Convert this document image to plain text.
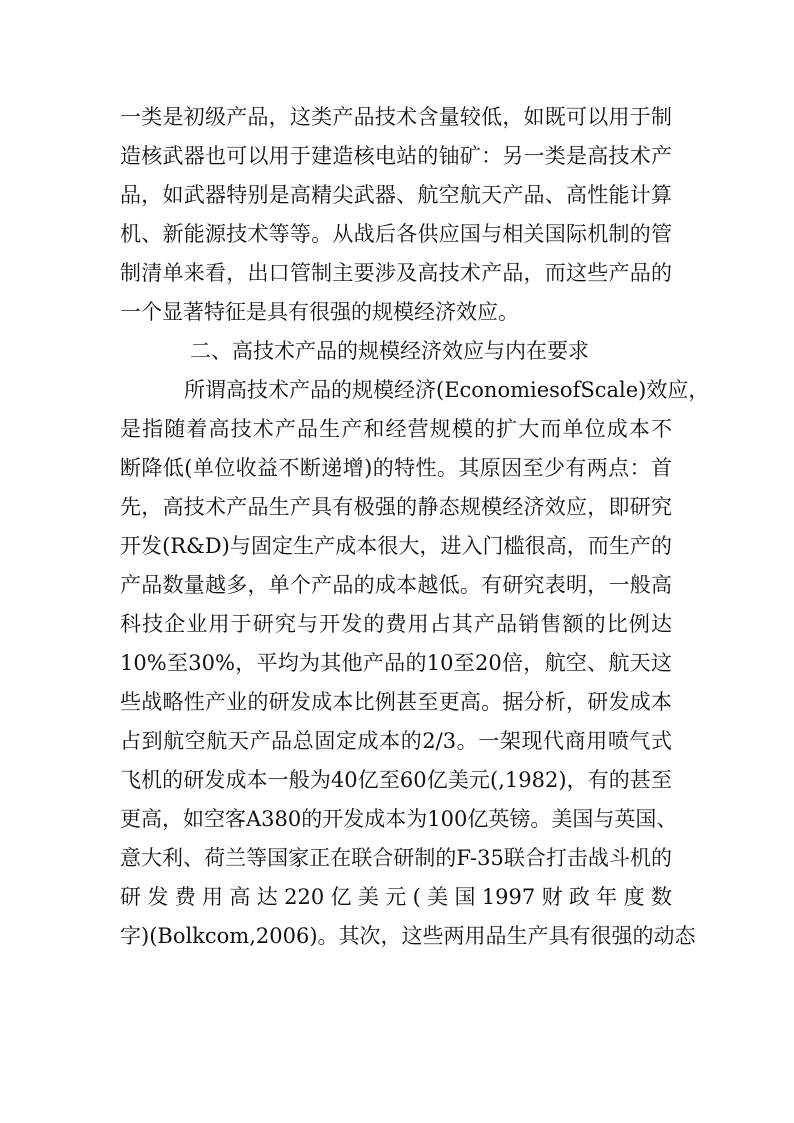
一类是初级产品，这类产品技术含量较低，如既可以用于制
造核武器也可以用于建造核电站的铀矿：另一类是高技术产
品，如武器特别是高精尖武器、航空航天产品、高性能计算
机、新能源技术等等。从战后各供应国与相关国际机制的管
制清单来看，出口管制主要涉及高技术产品，而这些产品的
一个显著特征是具有很强的规模经济效应。
二、高技术产品的规模经济效应与内在要求
所谓高技术产品的规模经济(EconomiesofScale)效应，
是指随着高技术产品生产和经营规模的扩大而单位成本不
断降低(单位收益不断递增)的特性。其原因至少有两点：首
先，高技术产品生产具有极强的静态规模经济效应，即研究
开发(R&D)与固定生产成本很大，进入门槛很高，而生产的
产品数量越多，单个产品的成本越低。有研究表明，一般高
科技企业用于研究与开发的费用占其产品销售额的比例达
10%至30%，平均为其他产品的10至20倍，航空、航天这
些战略性产业的研发成本比例甚至更高。据分析，研发成本
占到航空航天产品总固定成本的2/3。一架现代商用喷气式
飞机的研发成本一般为40亿至60亿美元(,1982)，有的甚至
更高，如空客A380的开发成本为100亿英镑。美国与英国、
意大利、荷兰等国家正在联合研制的F-35联合打击战斗机的
研发费用高达220亿美元(美国1997财政年度数
字)(Bolkcom,2006)。其次，这些两用品生产具有很强的动态
